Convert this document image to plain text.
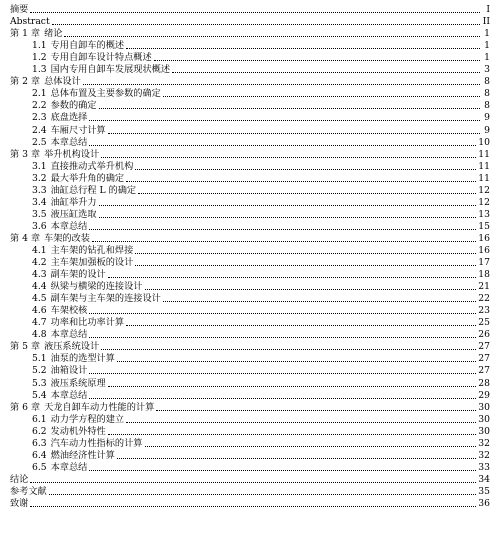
摘要	I
Abstract	II
第 1 章 绪论	1
1.1 专用自卸车的概述	1
1.2 专用自卸车设计特点概述	1
1.3 国内专用自卸车发展现状概述	3
第 2 章 总体设计	8
2.1 总体布置及主要参数的确定	8
2.2 参数的确定	8
2.3 底盘选择	9
2.4 车厢尺寸计算	9
2.5 本章总结	10
第 3 章 举升机构设计	11
3.1 直接推动式举升机构	11
3.2 最大举升角的确定	11
3.3 油缸总行程 L 的确定	12
3.4 油缸举升力	12
3.5 液压缸选取	13
3.6 本章总结	15
第 4 章 车架的改装	16
4.1 主车架的钻孔和焊接	16
4.2 主车架加强板的设计	17
4.3 副车架的设计	18
4.4 纵梁与横梁的连接设计	21
4.5 副车架与主车架的连接设计	22
4.6 车架校核	23
4.7 功率和比功率计算	25
4.8 本章总结	26
第 5 章 液压系统设计	27
5.1 油泵的选型计算	27
5.2 油箱设计	27
5.3 液压系统原理	28
5.4 本章总结	29
第 6 章 天龙自卸车动力性能的计算	30
6.1 动力学方程的建立	30
6.2 发动机外特性	30
6.3 汽车动力性指标的计算	32
6.4 燃油经济性计算	32
6.5 本章总结	33
结论	34
参考文献	35
致谢	36
